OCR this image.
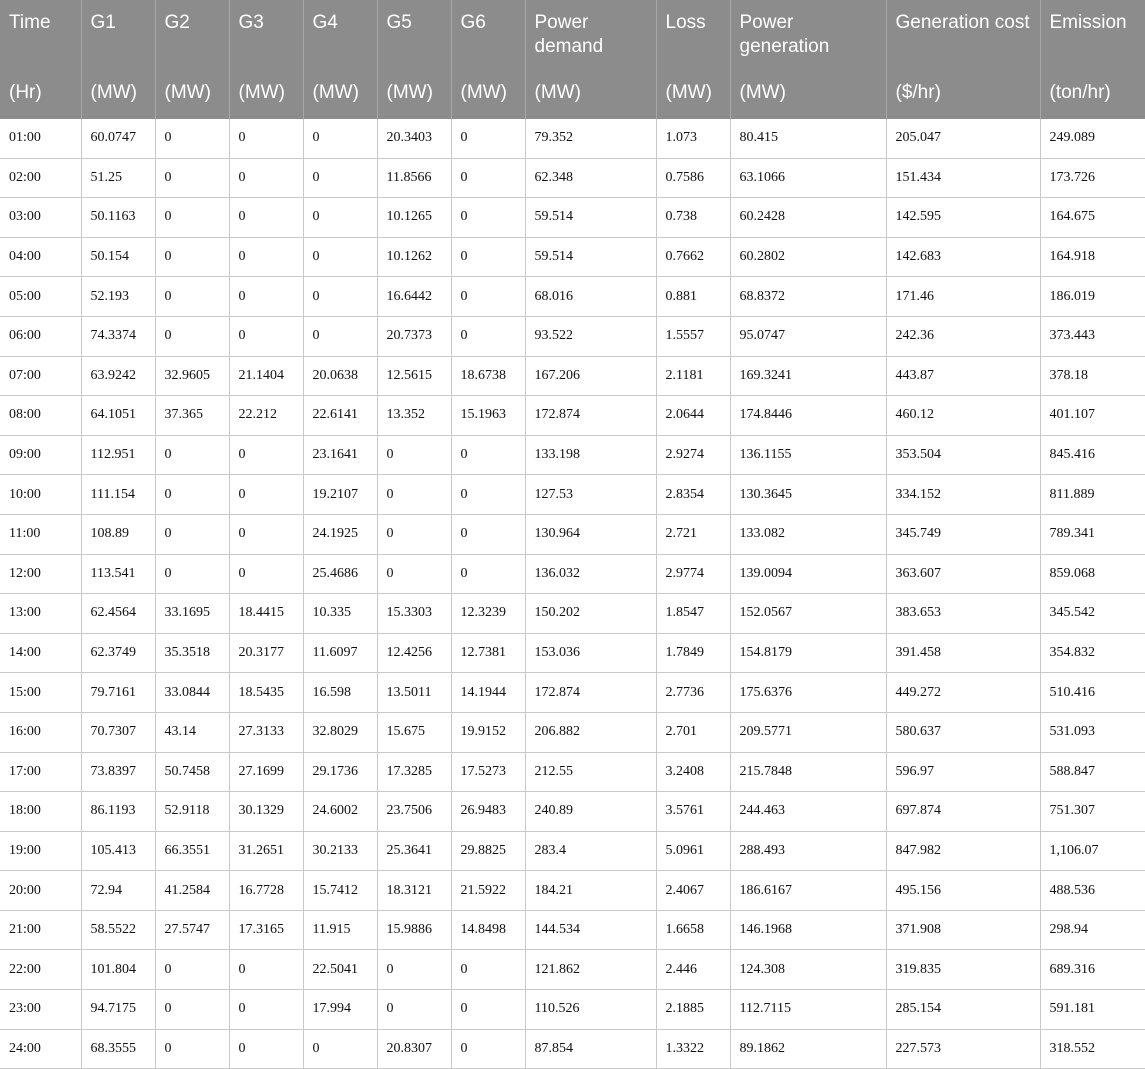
Time	G1	G2	G3	G4	G5	G6	Power demand	Loss	Power generation	Generation cost	Emission
(Hr)	(MW)	(MW)	(MW)	(MW)	(MW)	(MW)	(MW)	(MW)	(MW)	($/hr)	(ton/hr)
01:00	60.0747	0	0	0	20.3403	0	79.352	1.073	80.415	205.047	249.089
02:00	51.25	0	0	0	11.8566	0	62.348	0.7586	63.1066	151.434	173.726
03:00	50.1163	0	0	0	10.1265	0	59.514	0.738	60.2428	142.595	164.675
04:00	50.154	0	0	0	10.1262	0	59.514	0.7662	60.2802	142.683	164.918
05:00	52.193	0	0	0	16.6442	0	68.016	0.881	68.8372	171.46	186.019
06:00	74.3374	0	0	0	20.7373	0	93.522	1.5557	95.0747	242.36	373.443
07:00	63.9242	32.9605	21.1404	20.0638	12.5615	18.6738	167.206	2.1181	169.3241	443.87	378.18
08:00	64.1051	37.365	22.212	22.6141	13.352	15.1963	172.874	2.0644	174.8446	460.12	401.107
09:00	112.951	0	0	23.1641	0	0	133.198	2.9274	136.1155	353.504	845.416
10:00	111.154	0	0	19.2107	0	0	127.53	2.8354	130.3645	334.152	811.889
11:00	108.89	0	0	24.1925	0	0	130.964	2.721	133.082	345.749	789.341
12:00	113.541	0	0	25.4686	0	0	136.032	2.9774	139.0094	363.607	859.068
13:00	62.4564	33.1695	18.4415	10.335	15.3303	12.3239	150.202	1.8547	152.0567	383.653	345.542
14:00	62.3749	35.3518	20.3177	11.6097	12.4256	12.7381	153.036	1.7849	154.8179	391.458	354.832
15:00	79.7161	33.0844	18.5435	16.598	13.5011	14.1944	172.874	2.7736	175.6376	449.272	510.416
16:00	70.7307	43.14	27.3133	32.8029	15.675	19.9152	206.882	2.701	209.5771	580.637	531.093
17:00	73.8397	50.7458	27.1699	29.1736	17.3285	17.5273	212.55	3.2408	215.7848	596.97	588.847
18:00	86.1193	52.9118	30.1329	24.6002	23.7506	26.9483	240.89	3.5761	244.463	697.874	751.307
19:00	105.413	66.3551	31.2651	30.2133	25.3641	29.8825	283.4	5.0961	288.493	847.982	1,106.07
20:00	72.94	41.2584	16.7728	15.7412	18.3121	21.5922	184.21	2.4067	186.6167	495.156	488.536
21:00	58.5522	27.5747	17.3165	11.915	15.9886	14.8498	144.534	1.6658	146.1968	371.908	298.94
22:00	101.804	0	0	22.5041	0	0	121.862	2.446	124.308	319.835	689.316
23:00	94.7175	0	0	17.994	0	0	110.526	2.1885	112.7115	285.154	591.181
24:00	68.3555	0	0	0	20.8307	0	87.854	1.3322	89.1862	227.573	318.552
